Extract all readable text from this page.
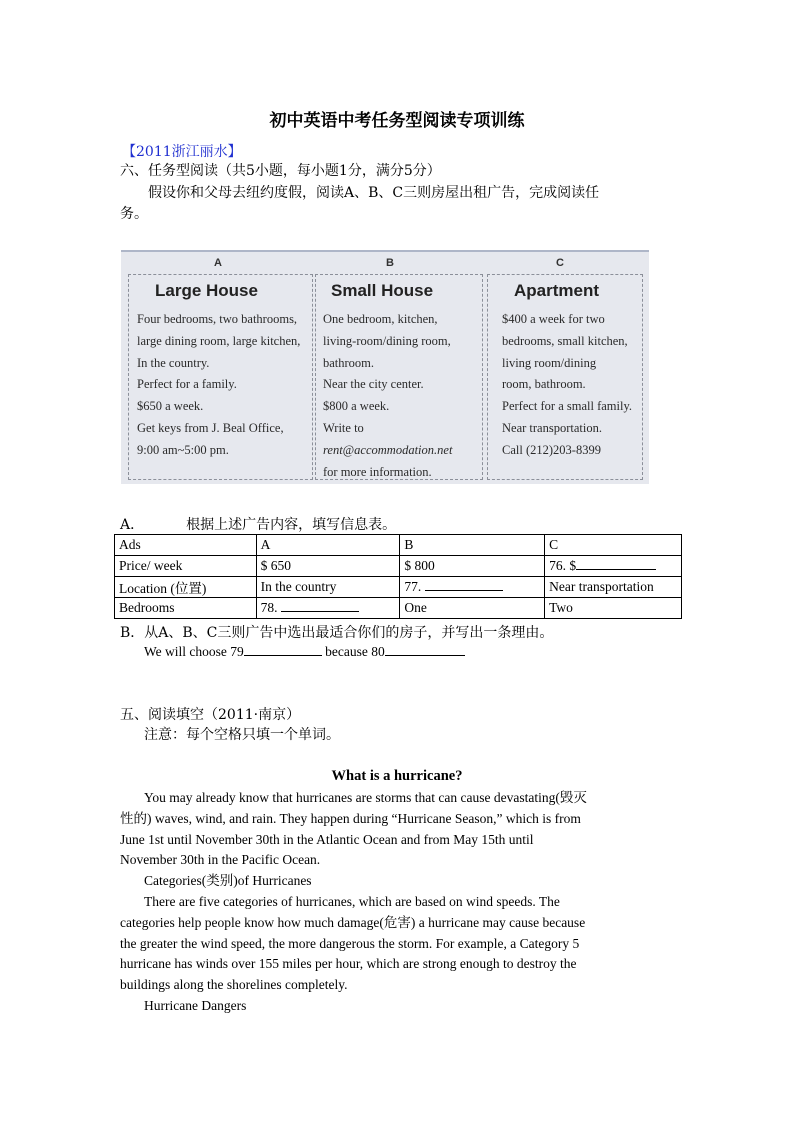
初中英语中考任务型阅读专项训练
【2011浙江丽水】
六、任务型阅读（共5小题，每小题1分，满分5分）
假设你和父母去纽约度假，阅读A、B、C三则房屋出租广告，完成阅读任
务。
A
Large House
Four bedrooms, two bathrooms,
large dining room, large kitchen,
In the country.
Perfect for a family.
$650 a week.
Get keys from J. Beal Office,
9:00 am~5:00 pm.
B
Small House
One bedroom, kitchen,
living-room/dining room,
bathroom.
Near the city center.
$800 a week.
Write to
rent@accommodation.net
for more information.
C
Apartment
$400 a week for two
bedrooms, small kitchen,
living room/dining
room, bathroom.
Perfect for a small family.
Near transportation.
Call (212)203-8399
A．	根据上述广告内容，填写信息表。
Ads	A	B	C
Price/ week	$ 650	$ 800	76. $
Location (位置)	In the country	77.	Near transportation
Bedrooms	78.	One	Two
B．从A、B、C三则广告中选出最适合你们的房子，并写出一条理由。
We will choose 79	because 80
五、阅读填空（2011·南京）
注意：每个空格只填一个单词。
What is a hurricane?
You may already know that hurricanes are storms that can cause devastating(毁灭
性的) waves, wind, and rain. They happen during “Hurricane Season,” which is from
June 1st until November 30th in the Atlantic Ocean and from May 15th until
November 30th in the Pacific Ocean.
Categories(类别)of Hurricanes
There are five categories of hurricanes, which are based on wind speeds. The
categories help people know how much damage(危害) a hurricane may cause because
the greater the wind speed, the more dangerous the storm. For example, a Category 5
hurricane has winds over 155 miles per hour, which are strong enough to destroy the
buildings along the shorelines completely.
Hurricane Dangers
